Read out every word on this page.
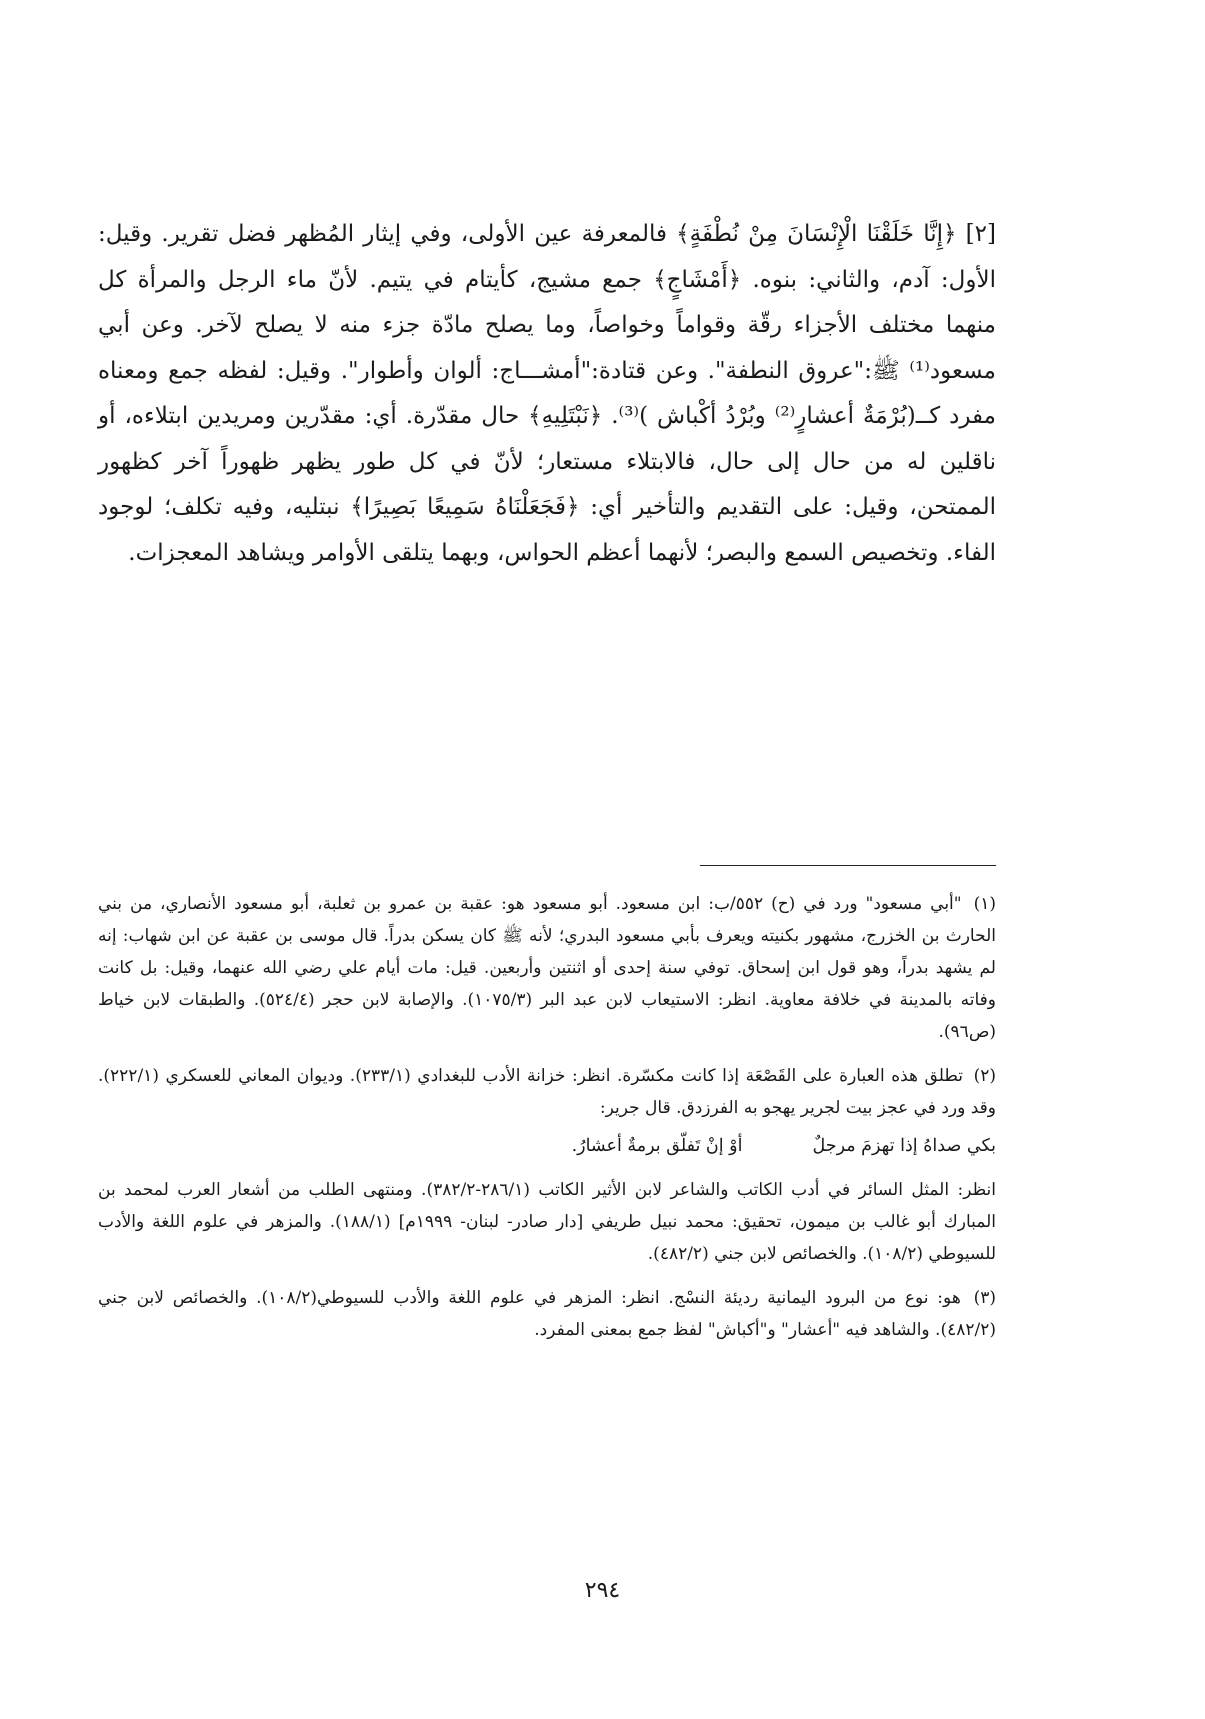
[٢] ﴿إِنَّا خَلَقْنَا الْإِنْسَانَ مِنْ نُطْفَةٍ﴾ فالمعرفة عين الأولى، وفي إيثار المُظهر فضل تقرير. وقيل: الأول: آدم، والثاني: بنوه. ﴿أَمْشَاجٍ﴾ جمع مشيج، كأيتام في يتيم. لأنّ ماء الرجل والمرأة كل منهما مختلف الأجزاء رقّة وقواماً وخواصاً، وما يصلح مادّة جزء منه لا يصلح لآخر. وعن أبي مسعود⁽¹⁾ ﷺ:"عروق النطفة". وعن قتادة:"أمشـــاج: ألوان وأطوار". وقيل: لفظه جمع ومعناه مفرد كــ(بُرْمَةٌ أعشارٍ⁽²⁾ وبُرْدُ أكْباش )⁽³⁾. ﴿نَبْتَلِيهِ﴾ حال مقدّرة. أي: مقدّرين ومريدين ابتلاءه، أو ناقلين له من حال إلى حال، فالابتلاء مستعار؛ لأنّ في كل طور يظهر ظهوراً آخر كظهور الممتحن، وقيل: على التقديم والتأخير أي: ﴿فَجَعَلْنَاهُ سَمِيعًا بَصِيرًا﴾ نبتليه، وفيه تكلف؛ لوجود الفاء. وتخصيص السمع والبصر؛ لأنهما أعظم الحواس، وبهما يتلقى الأوامر ويشاهد المعجزات.

(١) "أبي مسعود" ورد في (ح) ٥٥٢/ب: ابن مسعود. أبو مسعود هو: عقبة بن عمرو بن ثعلبة، أبو مسعود الأنصاري، من بني الحارث بن الخزرج، مشهور بكنيته ويعرف بأبي مسعود البدري؛ لأنه ﷺ كان يسكن بدراً. قال موسى بن عقبة عن ابن شهاب: إنه لم يشهد بدراً، وهو قول ابن إسحاق. توفي سنة إحدى أو اثنتين وأربعين. قيل: مات أيام علي رضي الله عنهما، وقيل: بل كانت وفاته بالمدينة في خلافة معاوية. انظر: الاستيعاب لابن عبد البر (١٠٧٥/٣). والإصابة لابن حجر (٥٢٤/٤). والطبقات لابن خياط (ص٩٦).

(٢) تطلق هذه العبارة على القَصْعَة إذا كانت مكسّرة. انظر: خزانة الأدب للبغدادي (٢٣٣/١). وديوان المعاني للعسكري (٢٢٢/١). وقد ورد في عجز بيت لجرير يهجو به الفرزدق. قال جرير:

بكي صداهُ إذا تهزمَ مرجلٌ
أوْ إنْ تَفلّق برمةٌ أعشارُ.

انظر: المثل السائر في أدب الكاتب والشاعر لابن الأثير الكاتب (٢٨٦/١-٣٨٢/٢). ومنتهى الطلب من أشعار العرب لمحمد بن المبارك أبو غالب بن ميمون، تحقيق: محمد نبيل طريفي [دار صادر- لبنان- ١٩٩٩م] (١٨٨/١). والمزهر في علوم اللغة والأدب للسيوطي (١٠٨/٢). والخصائص لابن جني (٤٨٢/٢).

(٣) هو: نوع من البرود اليمانية رديئة النسْج. انظر: المزهر في علوم اللغة والأدب للسيوطي(١٠٨/٢). والخصائص لابن جني (٤٨٢/٢). والشاهد فيه "أعشار" و"أكباش" لفظ جمع بمعنى المفرد.

٢٩٤
